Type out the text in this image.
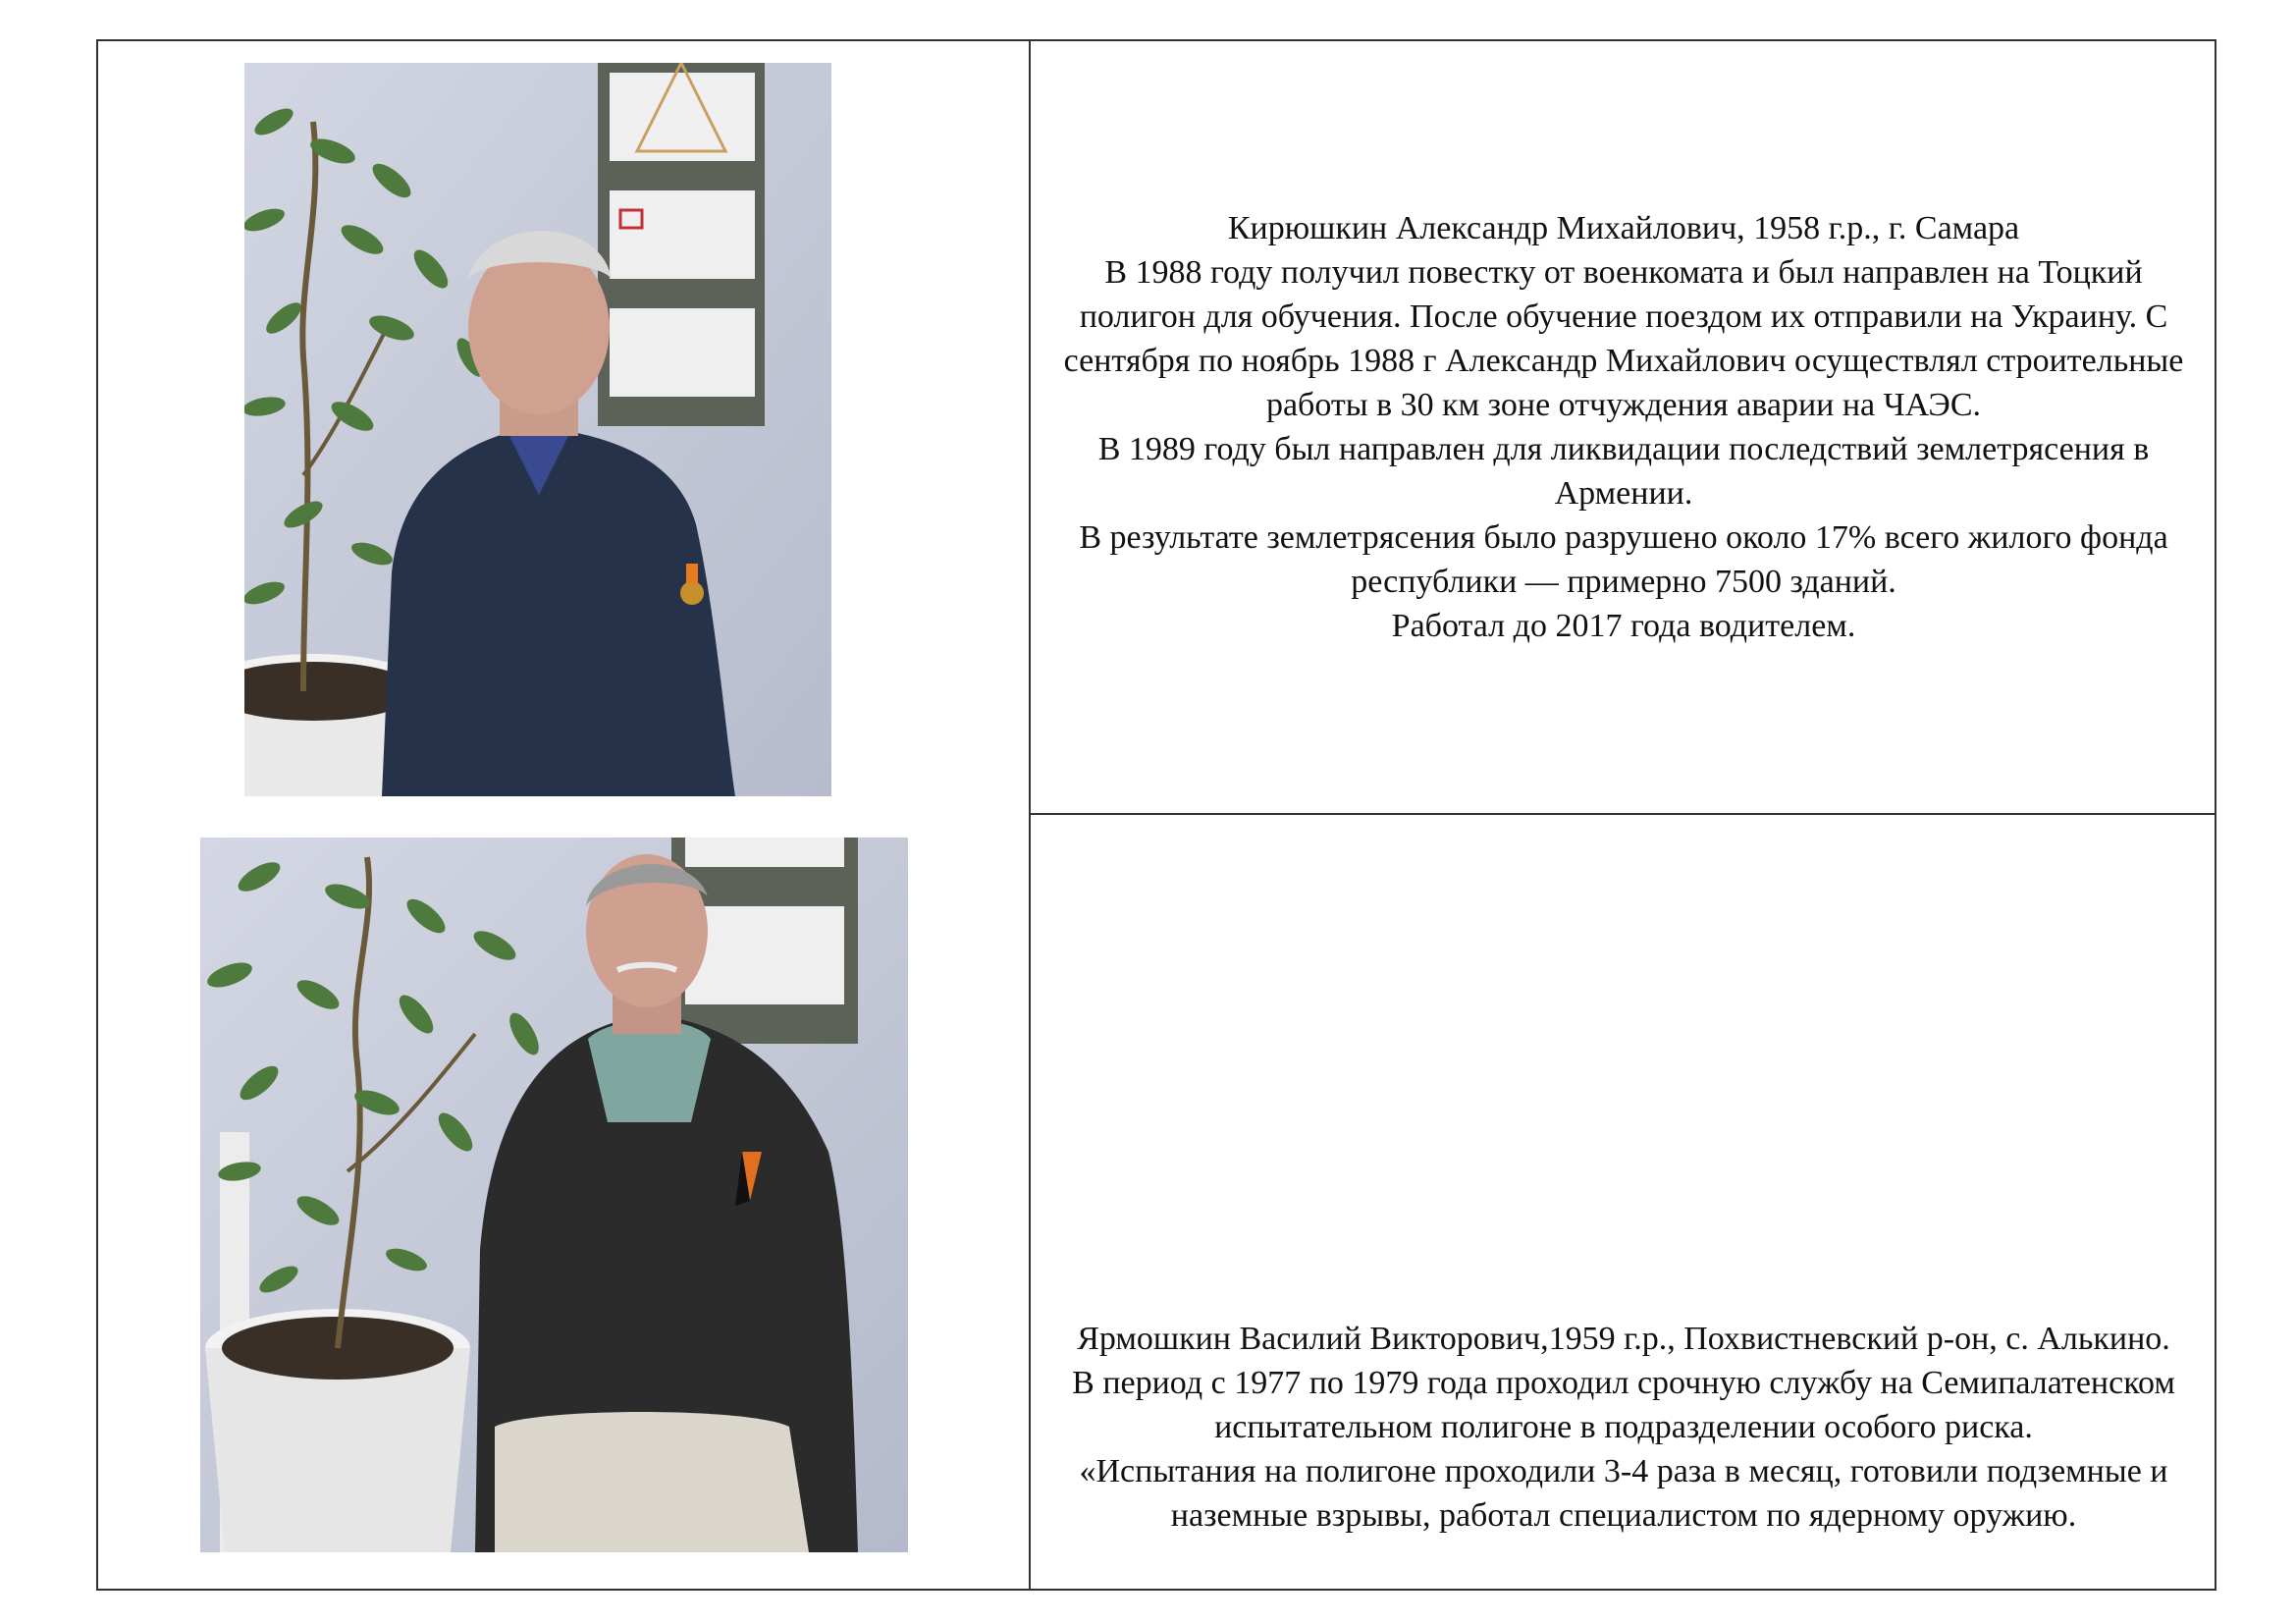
Кирюшкин Александр Михайлович, 1958 г.р., г. Самара

В 1988 году получил повестку от военкомата и был направлен на Тоцкий полигон для обучения. После обучение поездом их отправили на Украину. С сентября по ноябрь 1988 г Александр Михайлович осуществлял строительные работы в 30 км зоне отчуждения аварии на ЧАЭС.

В 1989 году был направлен для ликвидации последствий землетрясения в Армении.

В результате землетрясения было разрушено около 17% всего жилого фонда республики — примерно 7500 зданий.

Работал до 2017 года водителем.

Ярмошкин Василий Викторович,1959 г.р., Похвистневский р-он, с. Алькино.

В период с 1977 по 1979 года проходил срочную службу на Семипалатенском испытательном полигоне в подразделении особого риска.

«Испытания на полигоне проходили 3-4 раза в месяц, готовили подземные и наземные взрывы, работал специалистом по ядерному оружию.
